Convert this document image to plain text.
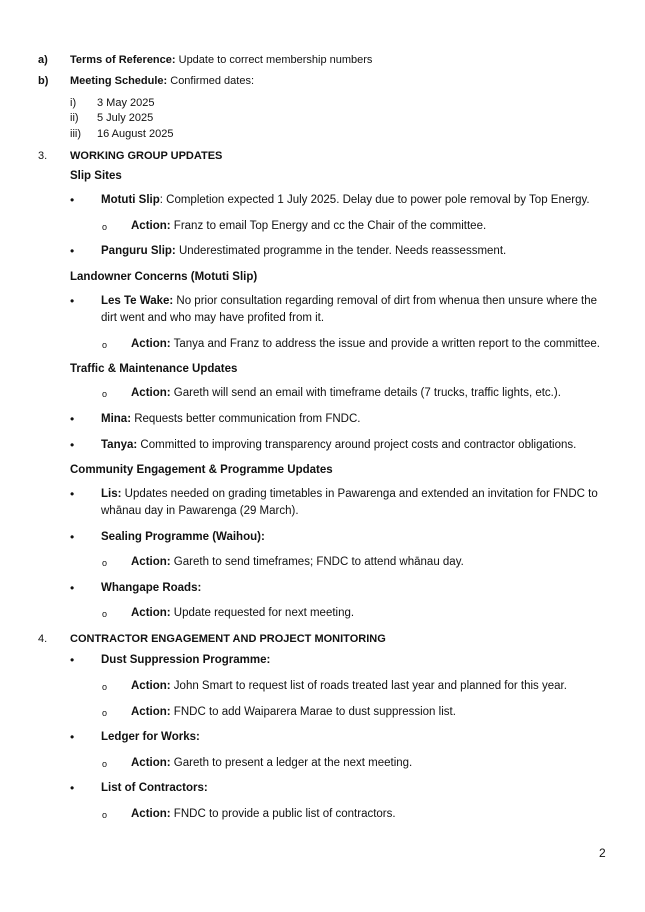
a) Terms of Reference: Update to correct membership numbers
b) Meeting Schedule: Confirmed dates:
i) 3 May 2025
ii) 5 July 2025
iii) 16 August 2025
3. WORKING GROUP UPDATES
Slip Sites
• Motuti Slip: Completion expected 1 July 2025. Delay due to power pole removal by Top Energy.
o Action: Franz to email Top Energy and cc the Chair of the committee.
• Panguru Slip: Underestimated programme in the tender. Needs reassessment.
Landowner Concerns (Motuti Slip)
• Les Te Wake: No prior consultation regarding removal of dirt from whenua then unsure where the
dirt went and who may have profited from it.
o Action: Tanya and Franz to address the issue and provide a written report to the committee.
Traffic & Maintenance Updates
o Action: Gareth will send an email with timeframe details (7 trucks, traffic lights, etc.).
• Mina: Requests better communication from FNDC.
• Tanya: Committed to improving transparency around project costs and contractor obligations.
Community Engagement & Programme Updates
• Lis: Updates needed on grading timetables in Pawarenga and extended an invitation for FNDC to
whānau day in Pawarenga (29 March).
• Sealing Programme (Waihou):
o Action: Gareth to send timeframes; FNDC to attend whānau day.
• Whangape Roads:
o Action: Update requested for next meeting.
4. CONTRACTOR ENGAGEMENT AND PROJECT MONITORING
• Dust Suppression Programme:
o Action: John Smart to request list of roads treated last year and planned for this year.
o Action: FNDC to add Waiparera Marae to dust suppression list.
• Ledger for Works:
o Action: Gareth to present a ledger at the next meeting.
• List of Contractors:
o Action: FNDC to provide a public list of contractors.
2
